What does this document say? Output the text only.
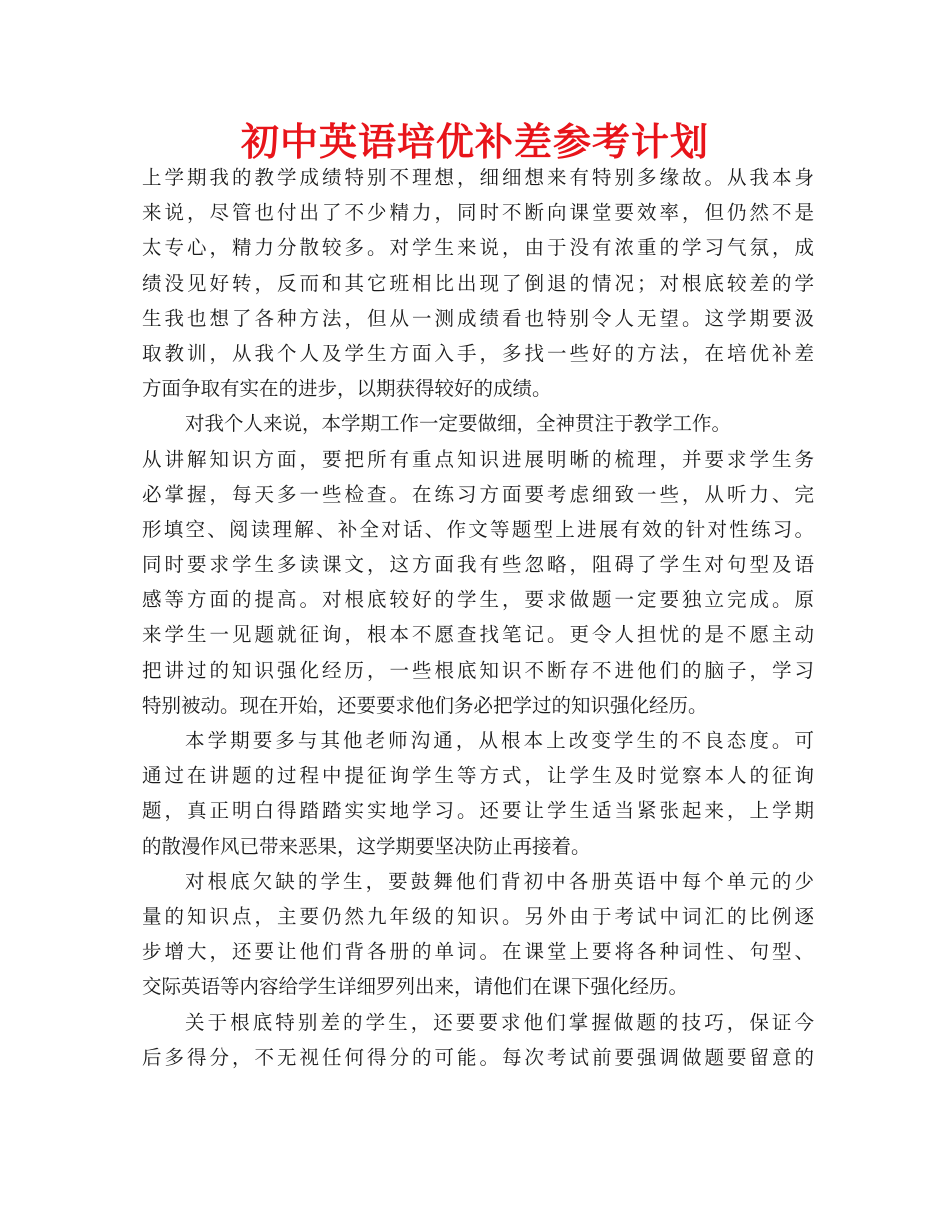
初中英语培优补差参考计划
上学期我的教学成绩特别不理想，细细想来有特别多缘故。从我本身
来说，尽管也付出了不少精力，同时不断向课堂要效率，但仍然不是
太专心，精力分散较多。对学生来说，由于没有浓重的学习气氛，成
绩没见好转，反而和其它班相比出现了倒退的情况；对根底较差的学
生我也想了各种方法，但从一测成绩看也特别令人无望。这学期要汲
取教训，从我个人及学生方面入手，多找一些好的方法，在培优补差
方面争取有实在的进步，以期获得较好的成绩。
对我个人来说，本学期工作一定要做细，全神贯注于教学工作。
从讲解知识方面，要把所有重点知识进展明晰的梳理，并要求学生务
必掌握，每天多一些检查。在练习方面要考虑细致一些，从听力、完
形填空、阅读理解、补全对话、作文等题型上进展有效的针对性练习。
同时要求学生多读课文，这方面我有些忽略，阻碍了学生对句型及语
感等方面的提高。对根底较好的学生，要求做题一定要独立完成。原
来学生一见题就征询，根本不愿查找笔记。更令人担忧的是不愿主动
把讲过的知识强化经历，一些根底知识不断存不进他们的脑子，学习
特别被动。现在开始，还要要求他们务必把学过的知识强化经历。
本学期要多与其他老师沟通，从根本上改变学生的不良态度。可
通过在讲题的过程中提征询学生等方式，让学生及时觉察本人的征询
题，真正明白得踏踏实实地学习。还要让学生适当紧张起来，上学期
的散漫作风已带来恶果，这学期要坚决防止再接着。
对根底欠缺的学生，要鼓舞他们背初中各册英语中每个单元的少
量的知识点，主要仍然九年级的知识。另外由于考试中词汇的比例逐
步增大，还要让他们背各册的单词。在课堂上要将各种词性、句型、
交际英语等内容给学生详细罗列出来，请他们在课下强化经历。
关于根底特别差的学生，还要要求他们掌握做题的技巧，保证今
后多得分，不无视任何得分的可能。每次考试前要强调做题要留意的
